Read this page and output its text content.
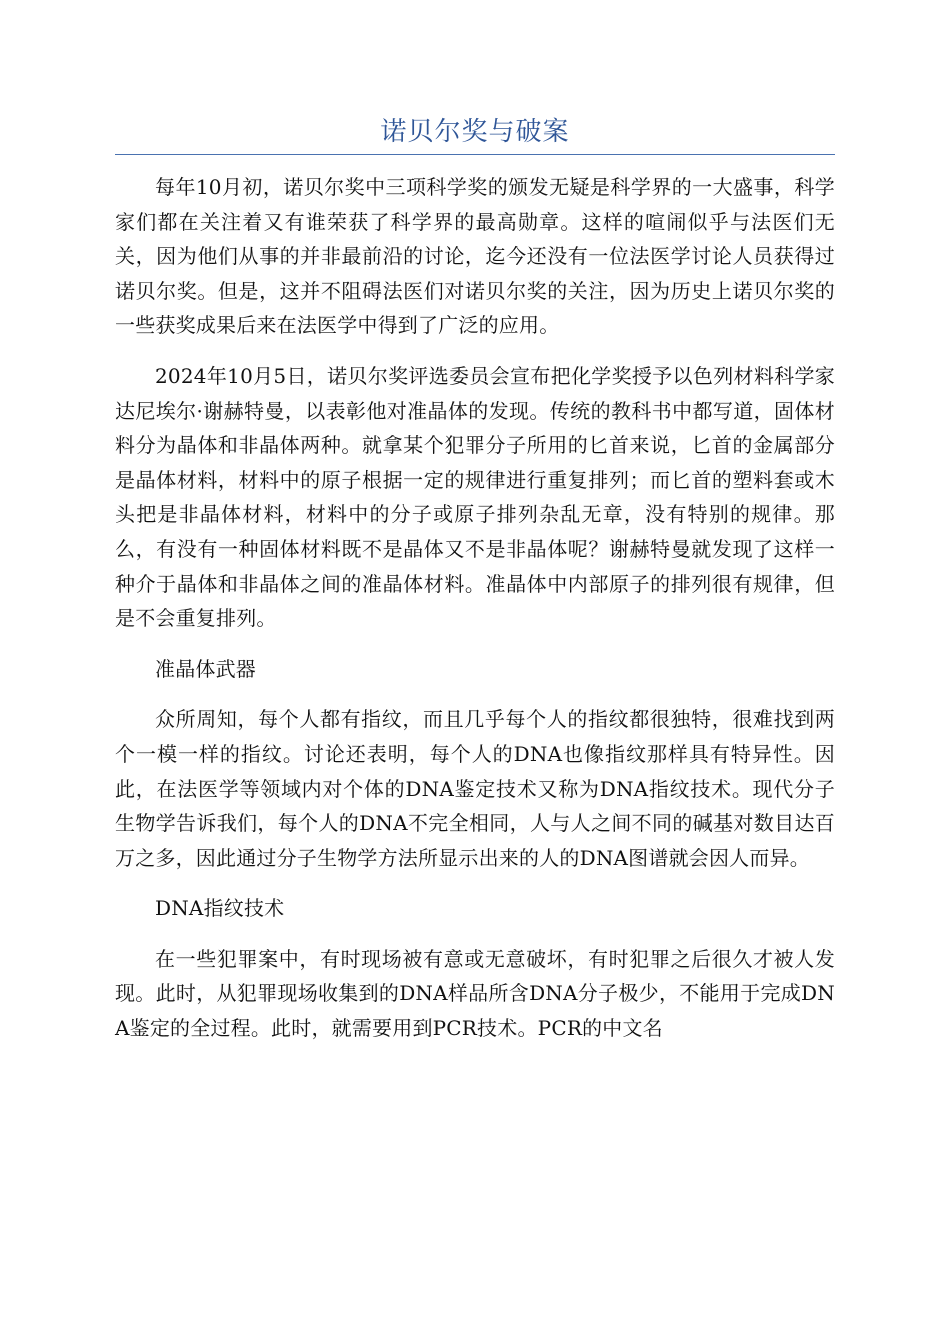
诺贝尔奖与破案

每年10月初，诺贝尔奖中三项科学奖的颁发无疑是科学界的一大盛事，科学家们都在关注着又有谁荣获了科学界的最高勋章。这样的喧闹似乎与法医们无关，因为他们从事的并非最前沿的讨论，迄今还没有一位法医学讨论人员获得过诺贝尔奖。但是，这并不阻碍法医们对诺贝尔奖的关注，因为历史上诺贝尔奖的一些获奖成果后来在法医学中得到了广泛的应用。

2024年10月5日，诺贝尔奖评选委员会宣布把化学奖授予以色列材料科学家达尼埃尔·谢赫特曼，以表彰他对准晶体的发现。传统的教科书中都写道，固体材料分为晶体和非晶体两种。就拿某个犯罪分子所用的匕首来说，匕首的金属部分是晶体材料，材料中的原子根据一定的规律进行重复排列；而匕首的塑料套或木头把是非晶体材料，材料中的分子或原子排列杂乱无章，没有特别的规律。那么，有没有一种固体材料既不是晶体又不是非晶体呢？谢赫特曼就发现了这样一种介于晶体和非晶体之间的准晶体材料。准晶体中内部原子的排列很有规律，但是不会重复排列。

准晶体武器

众所周知，每个人都有指纹，而且几乎每个人的指纹都很独特，很难找到两个一模一样的指纹。讨论还表明，每个人的DNA也像指纹那样具有特异性。因此，在法医学等领域内对个体的DNA鉴定技术又称为DNA指纹技术。现代分子生物学告诉我们，每个人的DNA不完全相同，人与人之间不同的碱基对数目达百万之多，因此通过分子生物学方法所显示出来的人的DNA图谱就会因人而异。

DNA指纹技术

在一些犯罪案中，有时现场被有意或无意破坏，有时犯罪之后很久才被人发现。此时，从犯罪现场收集到的DNA样品所含DNA分子极少，不能用于完成DNA鉴定的全过程。此时，就需要用到PCR技术。PCR的中文名
